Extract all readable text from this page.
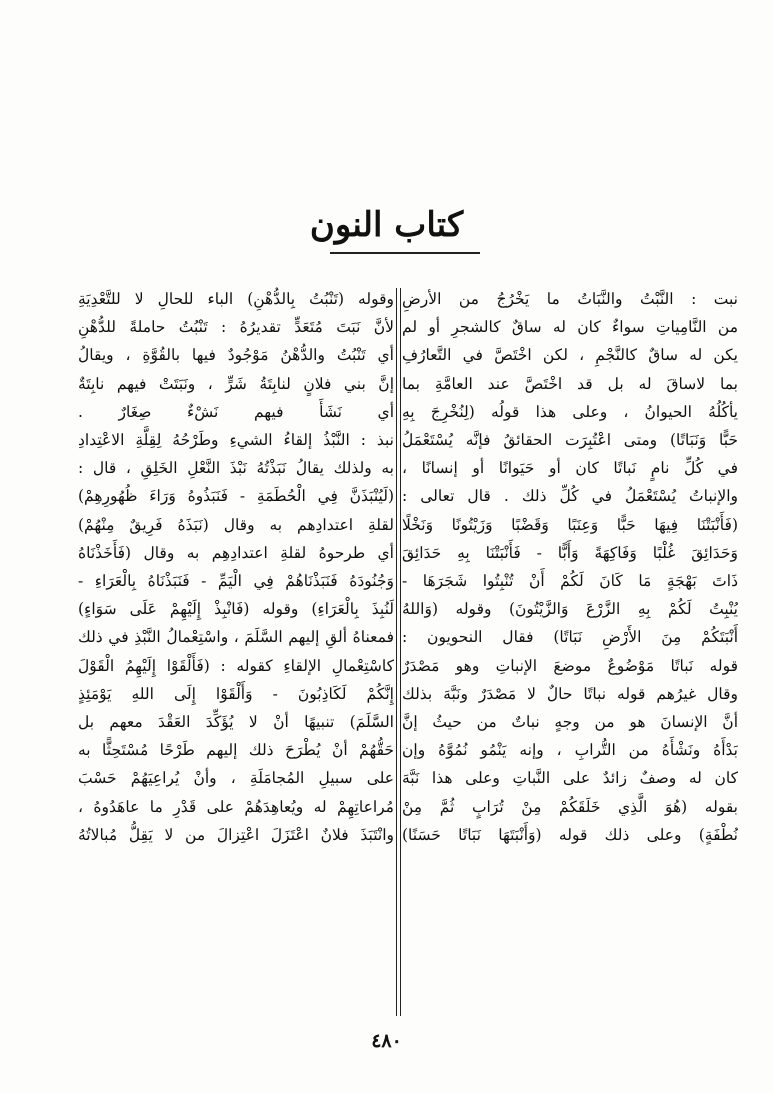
كتاب النون
نبت : النَّبْتُ والنَّبَاتُ ما يَخْرُجُ من الأرضِ
من النَّامِياتِ سواءٌ كان له ساقٌ كالشجرِ أو لم
يكن له ساقٌ كالنَّجْمِ ، لكن اخْتَصَّ في التَّعارُفِ
بما لاساقَ له بل قد اخْتَصَّ عند العامَّةِ بما
يأكُلُهُ الحيوانُ ، وعلى هذا قولُه (لِنُخْرِجَ بِهِ
حَبًّا وَنَبَاتًا) ومتى اعْتُبِرَت الحقائقُ فإنَّه يُسْتَعْمَلُ
في كُلِّ نامٍ نَباتًا كان أو حَيَوانًا أو إنسانًا ،
والإنباتُ يُسْتَعْمَلُ في كُلِّ ذلك . قال تعالى :
(فَأَنْبَتْنَا فِيهَا حَبًّا وَعِنَبًا وَقَضْبًا وَزَيْتُونًا وَنَخْلًا
وَحَدَائِقَ غُلْبًا وَفَاكِهَةً وَأَبًّا - فَأَنْبَتْنَا بِهِ حَدَائِقَ
ذَاتَ بَهْجَةٍ مَا كَانَ لَكُمْ أَنْ تُنْبِتُوا شَجَرَهَا -
يُنْبِتُ لَكُمْ بِهِ الزَّرْعَ وَالزَّيْتُونَ) وقوله (وَاللهُ
أَنْبَتَكُمْ مِنَ الأَرْضِ نَبَاتًا) فقال النحويون :
قوله نَباتًا مَوْضُوعٌ موضعَ الإنباتِ وهو مَصْدَرٌ
وقال غيرُهم قوله نباتًا حالٌ لا مَصْدَرٌ ونَبَّهَ بذلك
أنَّ الإنسانَ هو من وجهٍ نباتٌ من حيثُ إنَّ
بَدْأَهُ ونَشْأَهُ من التُّرابِ ، وإنه يَنْمُو نُمُوَّهُ وإن
كان له وصفٌ زائدٌ على النَّباتِ وعلى هذا نَبَّهَ
بقوله (هُوَ الَّذِي خَلَقَكُمْ مِنْ تُرَابٍ ثُمَّ مِنْ
نُطْفَةٍ) وعلى ذلك قوله (وَأَنْبَتَهَا نَبَاتًا حَسَنًا)
وقوله (تَنْبُتُ بِالدُّهْنِ) الباء للحالِ لا للتَّعْدِيَةِ
لأنَّ نَبَتَ مُتَعَدٍّ تقديرُهُ : تَنْبُتُ حاملةً للدُّهْنِ
أي تَنْبُتُ والدُّهْنُ مَوْجُودٌ فيها بالقُوَّةِ ، ويقالُ
إنَّ بني فلانٍ لنابِتَةُ شَرٍّ ، ونَبَتَتْ فيهم نابِتَةٌ
أي نَشَأَ فيهم نَشْءٌ صِغَارٌ .
نبذ : النَّبْذُ إلقاءُ الشيءِ وطَرْحُهُ لِقِلَّةِ الاعْتِدادِ
به ولذلك يقالُ نَبَذْتُهُ نَبْذَ النَّعْلِ الخَلِقِ ، قال :
(لَيُنْبَذَنَّ فِي الْحُطَمَةِ - فَنَبَذُوهُ وَرَاءَ ظُهُورِهِمْ)
لقلةِ اعتدادِهم به وقال (نَبَذَهُ فَرِيقٌ مِنْهُمْ)
أي طرحوهُ لقلةِ اعتدادِهِم به وقال (فَأَخَذْنَاهُ
وَجُنُودَهُ فَنَبَذْنَاهُمْ فِي الْيَمِّ - فَنَبَذْنَاهُ بِالْعَرَاءِ -
لَنُبِذَ بِالْعَرَاءِ) وقوله (فَانْبِذْ إِلَيْهِمْ عَلَى سَوَاءٍ)
فمعناهُ ألقِ إليهم السَّلَمَ ، واسْتِعْمالُ النَّبْذِ في ذلك
كاسْتِعْمالِ الإلقاءِ كقوله : (فَأَلْقَوْا إِلَيْهِمُ الْقَوْلَ
إِنَّكُمْ لَكَاذِبُونَ - وَأَلْقَوْا إِلَى اللهِ يَوْمَئِذٍ
السَّلَمَ) تنبيهًا أنْ لا يُؤَكِّدَ العَقْدَ معهم بل
حَقُّهُمْ أنْ يُطْرَحَ ذلك إليهم طَرْحًا مُسْتَحِثًّا به
على سبيلِ المُجامَلَةِ ، وأنْ يُراعِيَهُمْ حَسْبَ
مُراعاتِهِمْ له ويُعاهِدَهُمْ على قَدْرِ ما عاهَدُوهُ ،
وانْتَبَذَ فلانٌ اعْتَزَلَ اعْتِزالَ من لا يَقِلُّ مُبالاتُهُ
٤٨٠
